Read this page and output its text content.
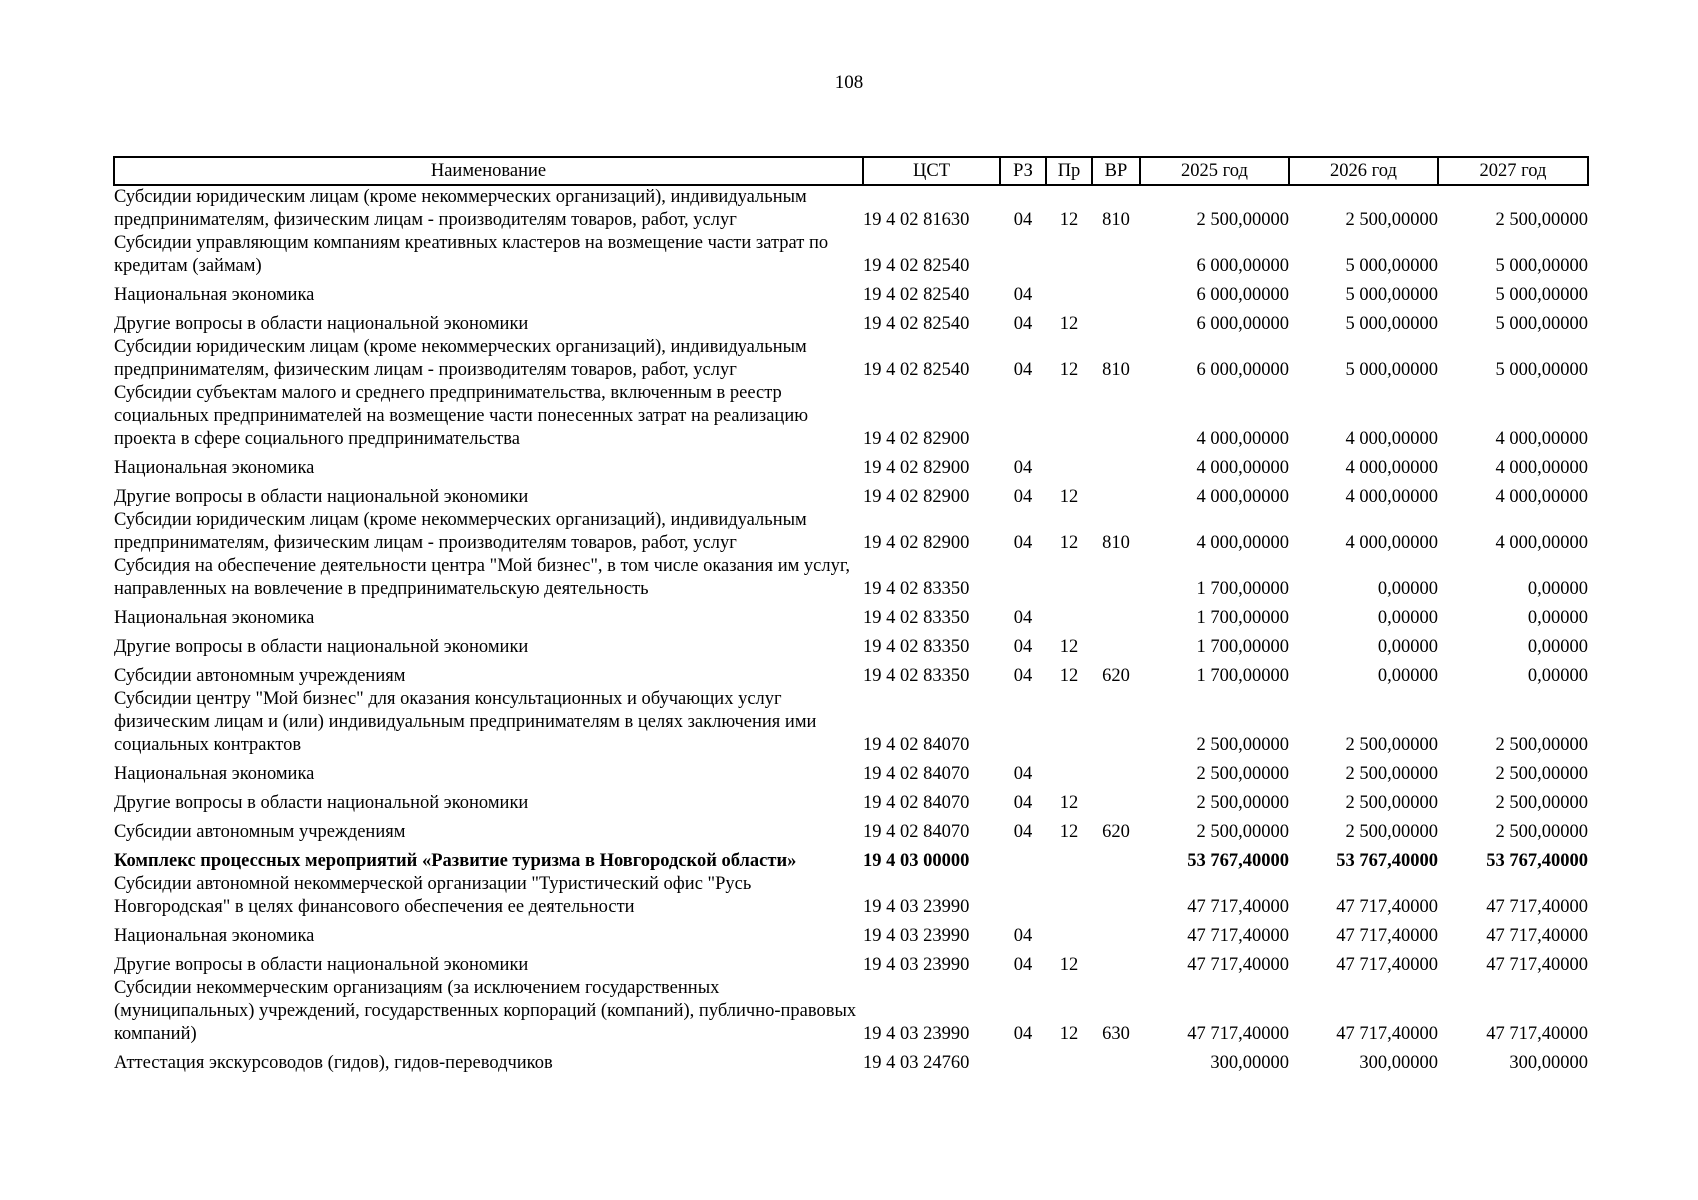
108
Наименование	ЦСТ	РЗ	Пр	ВР	2025 год	2026 год	2027 год
Субсидии юридическим лицам (кроме некоммерческих организаций), индивидуальным предпринимателям, физическим лицам - производителям товаров, работ, услуг	19 4 02 81630	04	12	810	2 500,00000	2 500,00000	2 500,00000
Субсидии управляющим компаниям креативных кластеров на возмещение части затрат по кредитам (займам)	19 4 02 82540				6 000,00000	5 000,00000	5 000,00000
Национальная экономика	19 4 02 82540	04			6 000,00000	5 000,00000	5 000,00000
Другие вопросы в области национальной экономики	19 4 02 82540	04	12		6 000,00000	5 000,00000	5 000,00000
Субсидии юридическим лицам (кроме некоммерческих организаций), индивидуальным предпринимателям, физическим лицам - производителям товаров, работ, услуг	19 4 02 82540	04	12	810	6 000,00000	5 000,00000	5 000,00000
Субсидии субъектам малого и среднего предпринимательства, включенным в реестр социальных предпринимателей на возмещение части понесенных затрат на реализацию проекта в сфере социального предпринимательства	19 4 02 82900				4 000,00000	4 000,00000	4 000,00000
Национальная экономика	19 4 02 82900	04			4 000,00000	4 000,00000	4 000,00000
Другие вопросы в области национальной экономики	19 4 02 82900	04	12		4 000,00000	4 000,00000	4 000,00000
Субсидии юридическим лицам (кроме некоммерческих организаций), индивидуальным предпринимателям, физическим лицам - производителям товаров, работ, услуг	19 4 02 82900	04	12	810	4 000,00000	4 000,00000	4 000,00000
Субсидия на обеспечение деятельности центра "Мой бизнес", в том числе оказания им услуг, направленных на вовлечение в предпринимательскую деятельность	19 4 02 83350				1 700,00000	0,00000	0,00000
Национальная экономика	19 4 02 83350	04			1 700,00000	0,00000	0,00000
Другие вопросы в области национальной экономики	19 4 02 83350	04	12		1 700,00000	0,00000	0,00000
Субсидии автономным учреждениям	19 4 02 83350	04	12	620	1 700,00000	0,00000	0,00000
Субсидии центру "Мой бизнес" для оказания консультационных и обучающих услуг физическим лицам и (или) индивидуальным предпринимателям в целях заключения ими социальных контрактов	19 4 02 84070				2 500,00000	2 500,00000	2 500,00000
Национальная экономика	19 4 02 84070	04			2 500,00000	2 500,00000	2 500,00000
Другие вопросы в области национальной экономики	19 4 02 84070	04	12		2 500,00000	2 500,00000	2 500,00000
Субсидии автономным учреждениям	19 4 02 84070	04	12	620	2 500,00000	2 500,00000	2 500,00000
Комплекс процессных мероприятий «Развитие туризма в Новгородской области»	19 4 03 00000				53 767,40000	53 767,40000	53 767,40000
Субсидии автономной некоммерческой организации "Туристический офис "Русь Новгородская" в целях финансового обеспечения ее деятельности	19 4 03 23990				47 717,40000	47 717,40000	47 717,40000
Национальная экономика	19 4 03 23990	04			47 717,40000	47 717,40000	47 717,40000
Другие вопросы в области национальной экономики	19 4 03 23990	04	12		47 717,40000	47 717,40000	47 717,40000
Субсидии некоммерческим организациям (за исключением государственных (муниципальных) учреждений, государственных корпораций (компаний), публично-правовых компаний)	19 4 03 23990	04	12	630	47 717,40000	47 717,40000	47 717,40000
Аттестация экскурсоводов (гидов), гидов-переводчиков	19 4 03 24760				300,00000	300,00000	300,00000
